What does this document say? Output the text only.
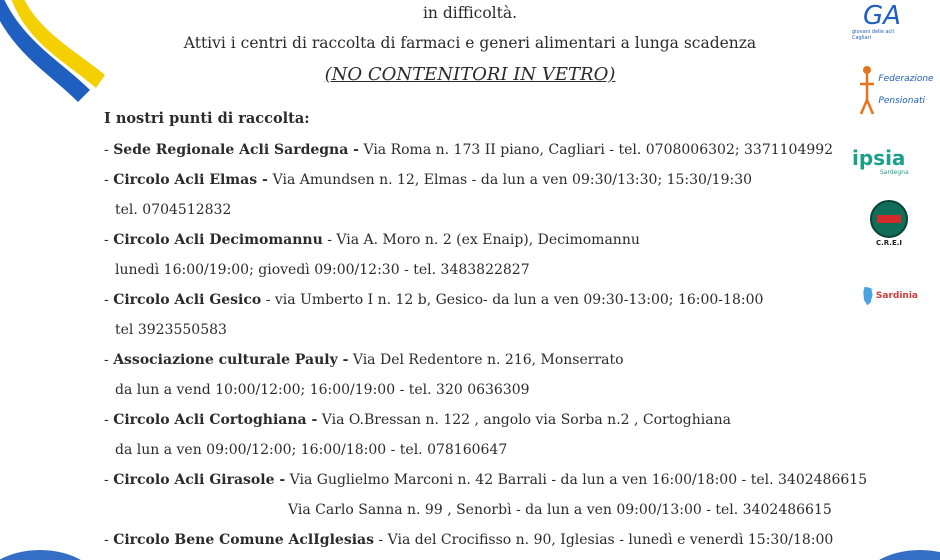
in difficoltà.
Attivi i centri di raccolta di farmaci e generi alimentari a lunga scadenza
(NO CONTENITORI IN VETRO)
I nostri punti di raccolta:
- Sede Regionale Acli Sardegna - Via Roma n. 173 II piano, Cagliari - tel. 0708006302; 3371104992
- Circolo Acli Elmas - Via Amundsen n. 12, Elmas - da lun a ven 09:30/13:30; 15:30/19:30
tel. 0704512832
- Circolo Acli Decimomannu - Via A. Moro n. 2 (ex Enaip), Decimomannu
lunedì 16:00/19:00; giovedì 09:00/12:30 - tel. 3483822827
- Circolo Acli Gesico - via Umberto I n. 12 b, Gesico- da lun a ven 09:30-13:00; 16:00-18:00
tel 3923550583
- Associazione culturale Pauly - Via Del Redentore n. 216, Monserrato
da lun a vend 10:00/12:00; 16:00/19:00 - tel. 320 0636309
- Circolo Acli Cortoghiana - Via O.Bressan n. 122 , angolo via Sorba n.2 , Cortoghiana
da lun a ven 09:00/12:00; 16:00/18:00 - tel. 078160647
- Circolo Acli Girasole - Via Guglielmo Marconi n. 42 Barrali - da lun a ven 16:00/18:00 - tel. 3402486615
Via Carlo Sanna n. 99 , Senorbì - da lun a ven 09:00/13:00 - tel. 3402486615
- Circolo Bene Comune AclIglesias - Via del Crocifisso n. 90, Iglesias - lunedì e venerdì 15:30/18:00
GA
giovani delle acli Cagliari
Federazione

Pensionati
ipsia
Sardegna
C.R.E.I
Sardinia
